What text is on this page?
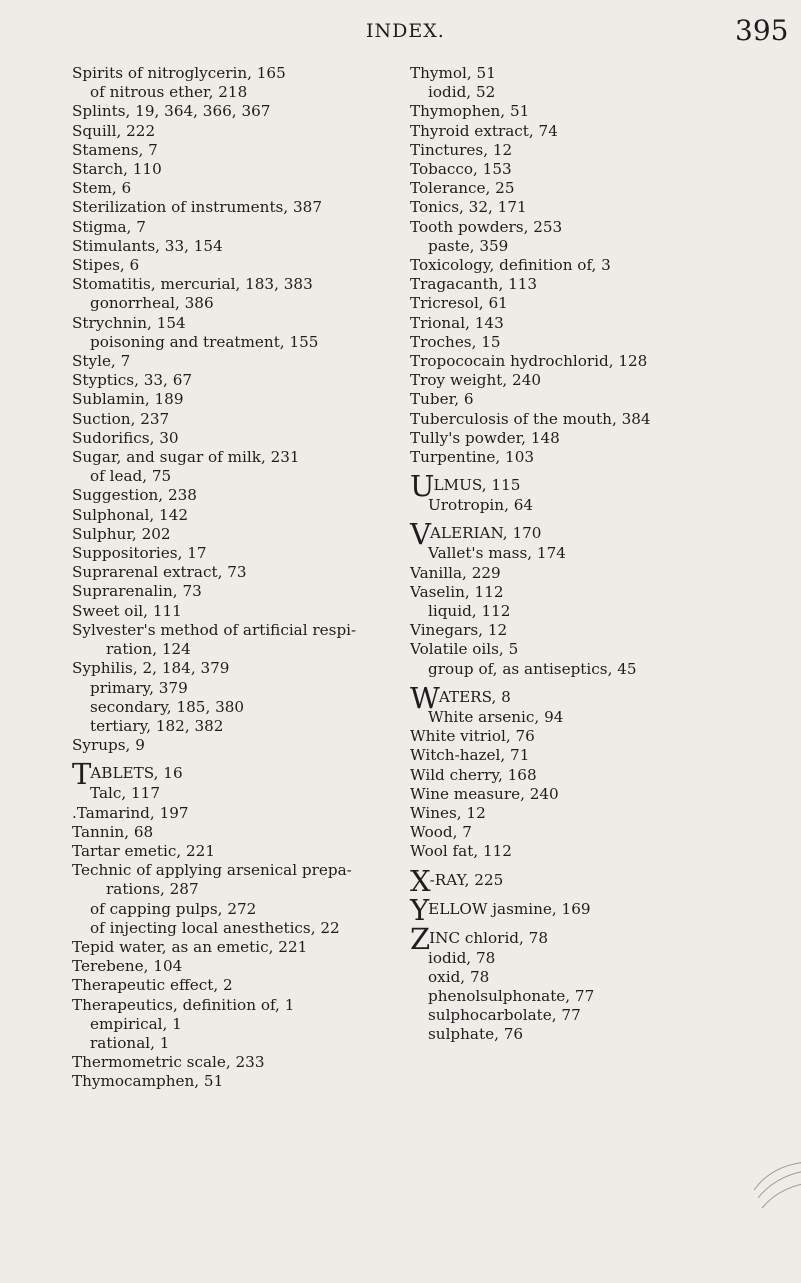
INDEX.	395
Spirits of nitroglycerin, 165
of nitrous ether, 218
Splints, 19, 364, 366, 367
Squill, 222
Stamens, 7
Starch, 110
Stem, 6
Sterilization of instruments, 387
Stigma, 7
Stimulants, 33, 154
Stipes, 6
Stomatitis, mercurial, 183, 383
gonorrheal, 386
Strychnin, 154
poisoning and treatment, 155
Style, 7
Styptics, 33, 67
Sublamin, 189
Suction, 237
Sudorifics, 30
Sugar, and sugar of milk, 231
of lead, 75
Suggestion, 238
Sulphonal, 142
Sulphur, 202
Suppositories, 17
Suprarenal extract, 73
Suprarenalin, 73
Sweet oil, 111
Sylvester's method of artificial respi-
ration, 124
Syphilis, 2, 184, 379
primary, 379
secondary, 185, 380
tertiary, 182, 382
Syrups, 9
TABLETS, 16
Talc, 117
.Tamarind, 197
Tannin, 68
Tartar emetic, 221
Technic of applying arsenical prepa-
rations, 287
of capping pulps, 272
of injecting local anesthetics, 22
Tepid water, as an emetic, 221
Terebene, 104
Therapeutic effect, 2
Therapeutics, definition of, 1
empirical, 1
rational, 1
Thermometric scale, 233
Thymocamphen, 51
Thymol, 51
iodid, 52
Thymophen, 51
Thyroid extract, 74
Tinctures, 12
Tobacco, 153
Tolerance, 25
Tonics, 32, 171
Tooth powders, 253
paste, 359
Toxicology, definition of, 3
Tragacanth, 113
Tricresol, 61
Trional, 143
Troches, 15
Tropococain hydrochlorid, 128
Troy weight, 240
Tuber, 6
Tuberculosis of the mouth, 384
Tully's powder, 148
Turpentine, 103
ULMUS, 115
Urotropin, 64
VALERIAN, 170
Vallet's mass, 174
Vanilla, 229
Vaselin, 112
liquid, 112
Vinegars, 12
Volatile oils, 5
group of, as antiseptics, 45
WATERS, 8
White arsenic, 94
White vitriol, 76
Witch-hazel, 71
Wild cherry, 168
Wine measure, 240
Wines, 12
Wood, 7
Wool fat, 112
X-RAY, 225
YELLOW jasmine, 169
ZINC chlorid, 78
iodid, 78
oxid, 78
phenolsulphonate, 77
sulphocarbolate, 77
sulphate, 76
